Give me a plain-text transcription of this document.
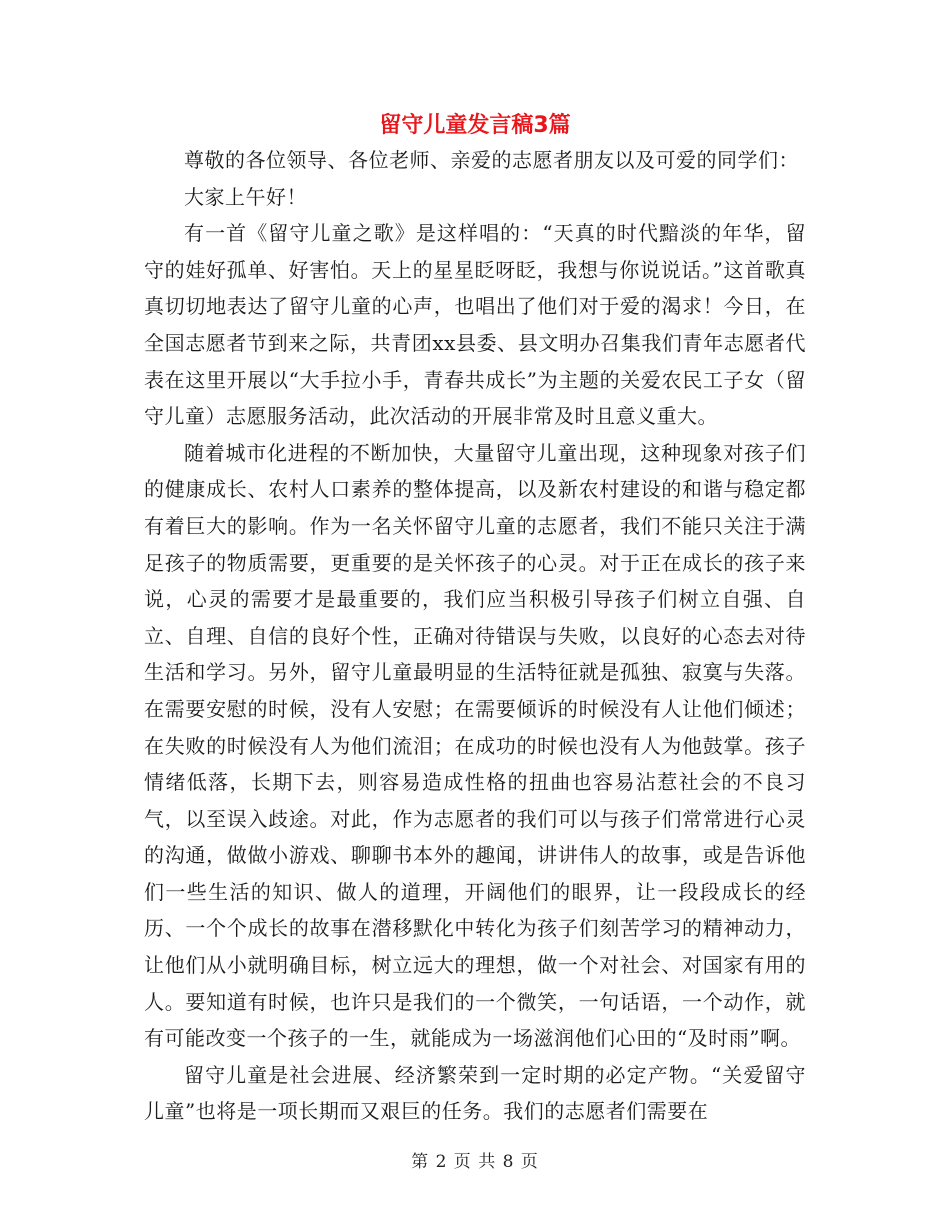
留守儿童发言稿3篇

尊敬的各位领导、各位老师、亲爱的志愿者朋友以及可爱的同学们：

大家上午好！

有一首《留守儿童之歌》是这样唱的：“天真的时代黯淡的年华，留守的娃好孤单、好害怕。天上的星星眨呀眨，我想与你说说话。”这首歌真真切切地表达了留守儿童的心声，也唱出了他们对于爱的渴求！今日，在全国志愿者节到来之际，共青团xx县委、县文明办召集我们青年志愿者代表在这里开展以“大手拉小手，青春共成长”为主题的关爱农民工子女（留守儿童）志愿服务活动，此次活动的开展非常及时且意义重大。

随着城市化进程的不断加快，大量留守儿童出现，这种现象对孩子们的健康成长、农村人口素养的整体提高，以及新农村建设的和谐与稳定都有着巨大的影响。作为一名关怀留守儿童的志愿者，我们不能只关注于满足孩子的物质需要，更重要的是关怀孩子的心灵。对于正在成长的孩子来说，心灵的需要才是最重要的，我们应当积极引导孩子们树立自强、自立、自理、自信的良好个性，正确对待错误与失败，以良好的心态去对待生活和学习。另外，留守儿童最明显的生活特征就是孤独、寂寞与失落。在需要安慰的时候，没有人安慰；在需要倾诉的时候没有人让他们倾述；在失败的时候没有人为他们流泪；在成功的时候也没有人为他鼓掌。孩子情绪低落，长期下去，则容易造成性格的扭曲也容易沾惹社会的不良习气，以至误入歧途。对此，作为志愿者的我们可以与孩子们常常进行心灵的沟通，做做小游戏、聊聊书本外的趣闻，讲讲伟人的故事，或是告诉他们一些生活的知识、做人的道理，开阔他们的眼界，让一段段成长的经历、一个个成长的故事在潜移默化中转化为孩子们刻苦学习的精神动力，让他们从小就明确目标，树立远大的理想，做一个对社会、对国家有用的人。要知道有时候，也许只是我们的一个微笑，一句话语，一个动作，就有可能改变一个孩子的一生，就能成为一场滋润他们心田的“及时雨”啊。

留守儿童是社会进展、经济繁荣到一定时期的必定产物。“关爱留守儿童”也将是一项长期而又艰巨的任务。我们的志愿者们需要在

第 2 页 共 8 页
